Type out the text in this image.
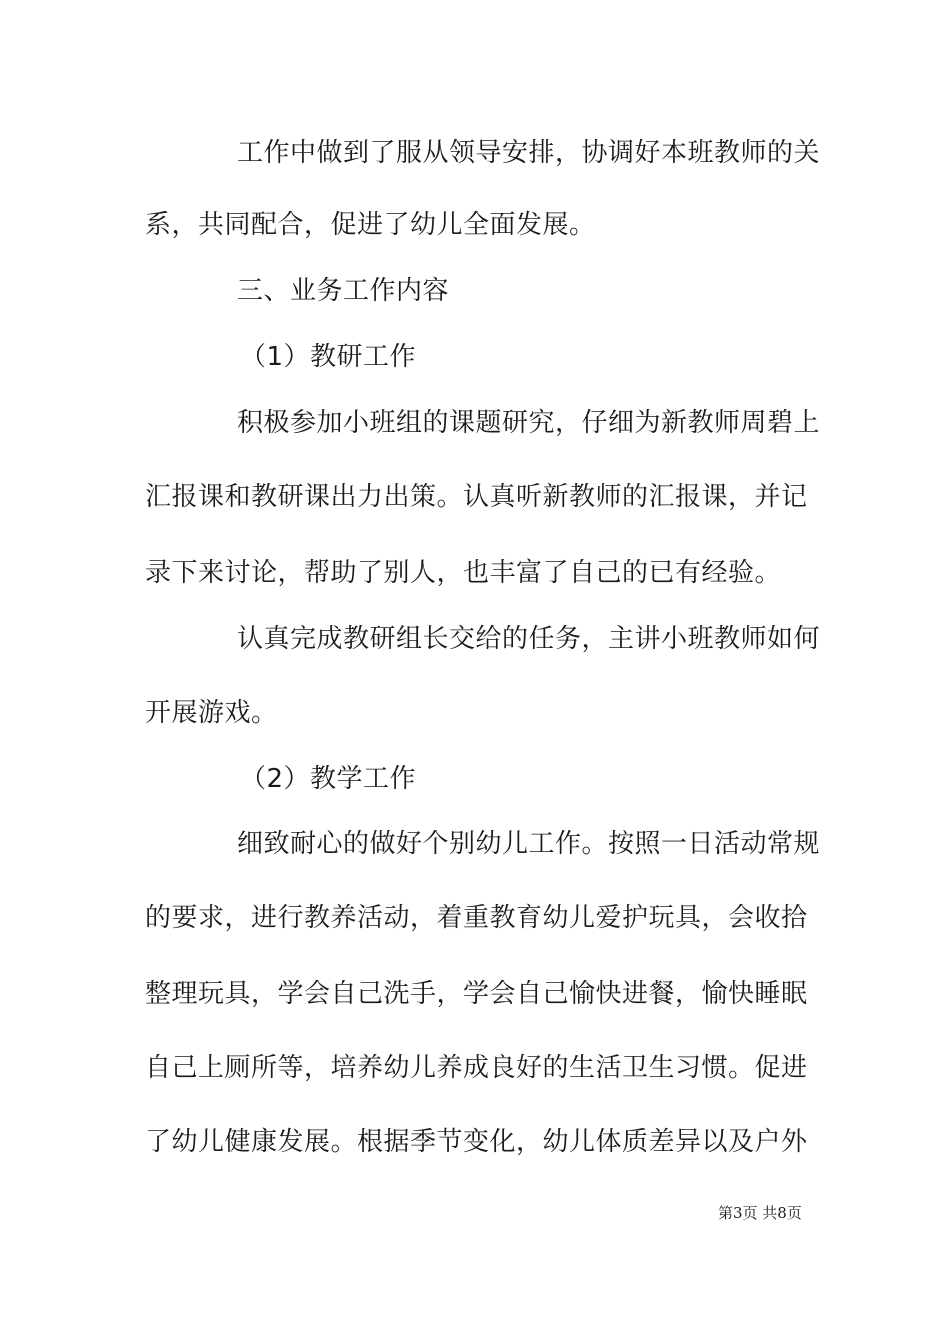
工作中做到了服从领导安排，协调好本班教师的关
系，共同配合，促进了幼儿全面发展。
三、业务工作内容
（1）教研工作
积极参加小班组的课题研究，仔细为新教师周碧上
汇报课和教研课出力出策。认真听新教师的汇报课，并记
录下来讨论，帮助了别人，也丰富了自己的已有经验。
认真完成教研组长交给的任务，主讲小班教师如何
开展游戏。
（2）教学工作
细致耐心的做好个别幼儿工作。按照一日活动常规
的要求，进行教养活动，着重教育幼儿爱护玩具，会收拾
整理玩具，学会自己洗手，学会自己愉快进餐，愉快睡眠
自己上厕所等，培养幼儿养成良好的生活卫生习惯。促进
了幼儿健康发展。根据季节变化，幼儿体质差异以及户外
第3页 共8页
